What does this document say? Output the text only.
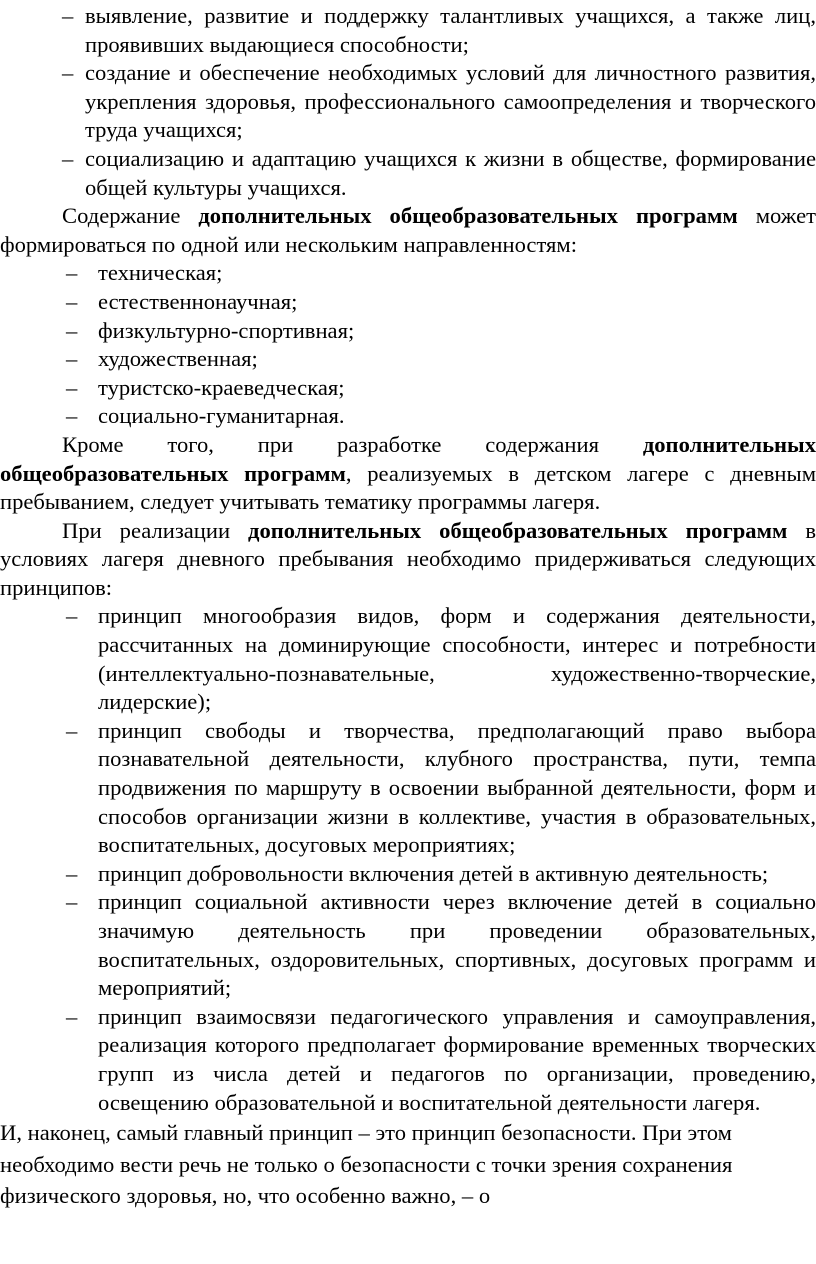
– выявление, развитие и поддержку талантливых учащихся, а также лиц, проявивших выдающиеся способности;
– создание и обеспечение необходимых условий для личностного развития, укрепления здоровья, профессионального самоопределения и творческого труда учащихся;
– социализацию и адаптацию учащихся к жизни в обществе, формирование общей культуры учащихся.

Содержание дополнительных общеобразовательных программ может формироваться по одной или нескольким направленностям:

– техническая;
– естественнонаучная;
– физкультурно-спортивная;
– художественная;
– туристско-краеведческая;
– социально-гуманитарная.

Кроме того, при разработке содержания дополнительных общеобразовательных программ, реализуемых в детском лагере с дневным пребыванием, следует учитывать тематику программы лагеря.

При реализации дополнительных общеобразовательных программ в условиях лагеря дневного пребывания необходимо придерживаться следующих принципов:

– принцип многообразия видов, форм и содержания деятельности, рассчитанных на доминирующие способности, интерес и потребности (интеллектуально-познавательные, художественно-творческие, лидерские);
– принцип свободы и творчества, предполагающий право выбора познавательной деятельности, клубного пространства, пути, темпа продвижения по маршруту в освоении выбранной деятельности, форм и способов организации жизни в коллективе, участия в образовательных, воспитательных, досуговых мероприятиях;
– принцип добровольности включения детей в активную деятельность;
– принцип социальной активности через включение детей в социально значимую деятельность при проведении образовательных, воспитательных, оздоровительных, спортивных, досуговых программ и мероприятий;
– принцип взаимосвязи педагогического управления и самоуправления, реализация которого предполагает формирование временных творческих групп из числа детей и педагогов по организации, проведению, освещению образовательной и воспитательной деятельности лагеря.

И, наконец, самый главный принцип – это принцип безопасности. При этом необходимо вести речь не только о безопасности с точки зрения сохранения физического здоровья, но, что особенно важно, – о
